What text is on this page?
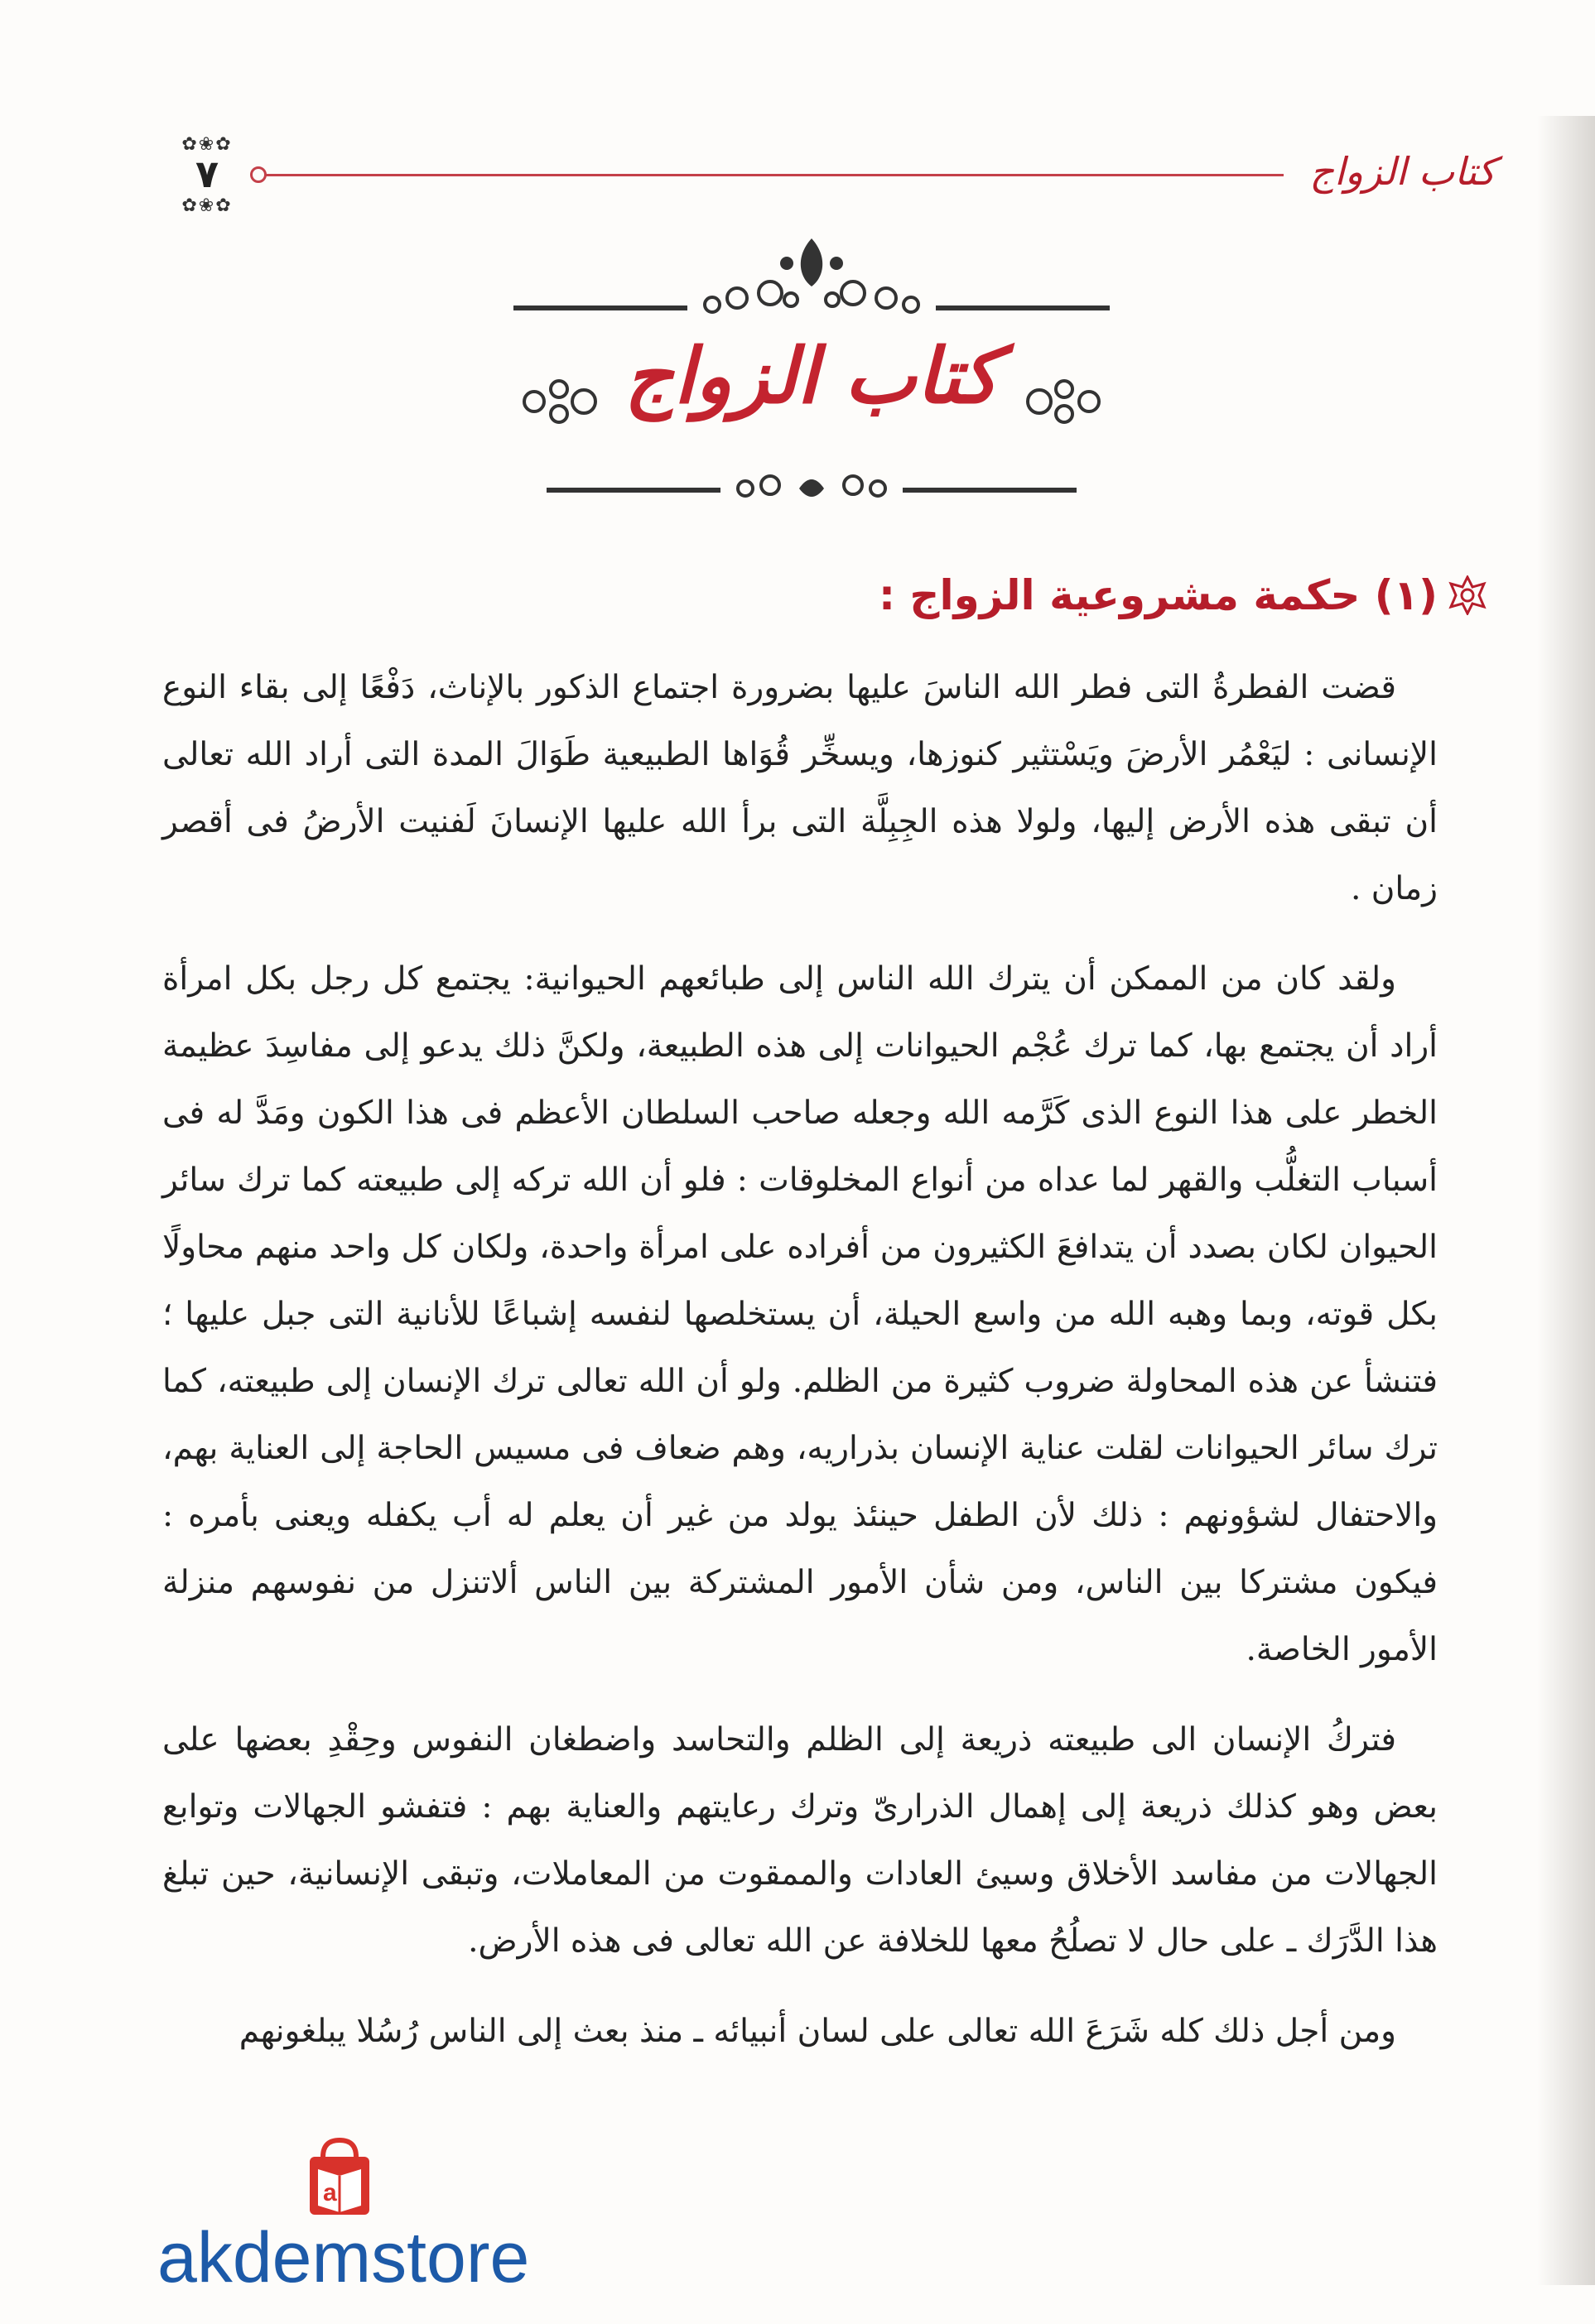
كتاب الزواج
✿❀✿
٧
✿❀✿
كتاب الزواج
(١) حكمة مشروعية الزواج :

قضت الفطرةُ التى فطر الله الناسَ عليها بضرورة اجتماع الذكور بالإناث، دَفْعًا إلى بقاء النوع الإنسانى : ليَعْمُر الأرضَ ويَسْتثير كنوزها، ويسخِّر قُوَاها الطبيعية طَوَالَ المدة التى أراد الله تعالى أن تبقى هذه الأرض إليها، ولولا هذه الجِبِلَّة التى برأ الله عليها الإنسانَ لَفنيت الأرضُ فى أقصر زمان .

ولقد كان من الممكن أن يترك الله الناس إلى طبائعهم الحيوانية: يجتمع كل رجل بكل امرأة أراد أن يجتمع بها، كما ترك عُجْم الحيوانات إلى هذه الطبيعة، ولكنَّ ذلك يدعو إلى مفاسِدَ عظيمة الخطر على هذا النوع الذى كَرَّمه الله وجعله صاحب السلطان الأعظم فى هذا الكون ومَدَّ له فى أسباب التغلُّب والقهر لما عداه من أنواع المخلوقات : فلو أن الله تركه إلى طبيعته كما ترك سائر الحيوان لكان بصدد أن يتدافعَ الكثيرون من أفراده على امرأة واحدة، ولكان كل واحد منهم محاولًا بكل قوته، وبما وهبه الله من واسع الحيلة، أن يستخلصها لنفسه إشباعًا للأنانية التى جبل عليها ؛ فتنشأ عن هذه المحاولة ضروب كثيرة من الظلم. ولو أن الله تعالى ترك الإنسان إلى طبيعته، كما ترك سائر الحيوانات لقلت عناية الإنسان بذراريه، وهم ضعاف فى مسيس الحاجة إلى العناية بهم، والاحتفال لشؤونهم : ذلك لأن الطفل حينئذ يولد من غير أن يعلم له أب يكفله ويعنى بأمره : فيكون مشتركا بين الناس، ومن شأن الأمور المشتركة بين الناس ألاتنزل من نفوسهم منزلة الأمور الخاصة.

فتركُ الإنسان الى طبيعته ذريعة إلى الظلم والتحاسد واضطغان النفوس وحِقْدِ بعضها على بعض وهو كذلك ذريعة إلى إهمال الذرارىّ وترك رعايتهم والعناية بهم : فتفشو الجهالات وتوابع الجهالات من مفاسد الأخلاق وسيئ العادات والممقوت من المعاملات، وتبقى الإنسانية، حين تبلغ هذا الدَّرَك ـ على حال لا تصلُحُ معها للخلافة عن الله تعالى فى هذه الأرض.

ومن أجل ذلك كله شَرَعَ الله تعالى على لسان أنبيائه ـ منذ بعث إلى الناس رُسُلا يبلغونهم

a
akdemstore
